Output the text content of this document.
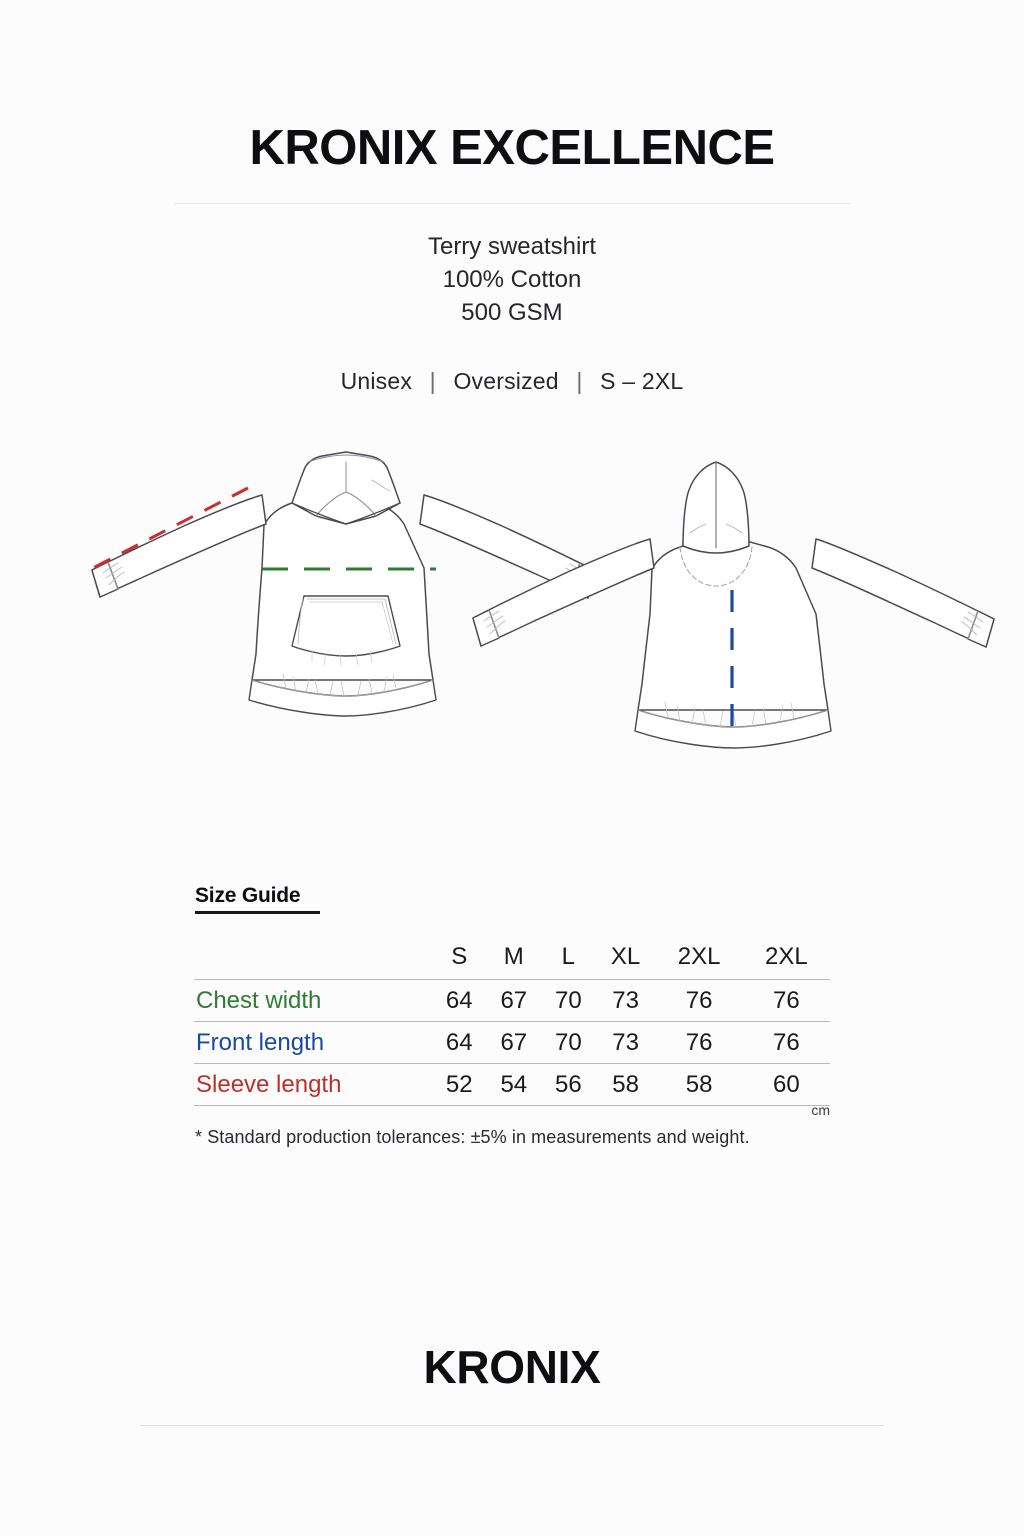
KRONIX EXCELLENCE
Terry sweatshirt
100% Cotton
500 GSM
Unisex | Oversized | S – 2XL
Size Guide
	S	M	L	XL	2XL	2XL
Chest width	64	67	70	73	76	76
Front length	64	67	70	73	76	76
Sleeve length	52	54	56	58	58	60
cm
* Standard production tolerances: ±5% in measurements and weight.
KRONIX
